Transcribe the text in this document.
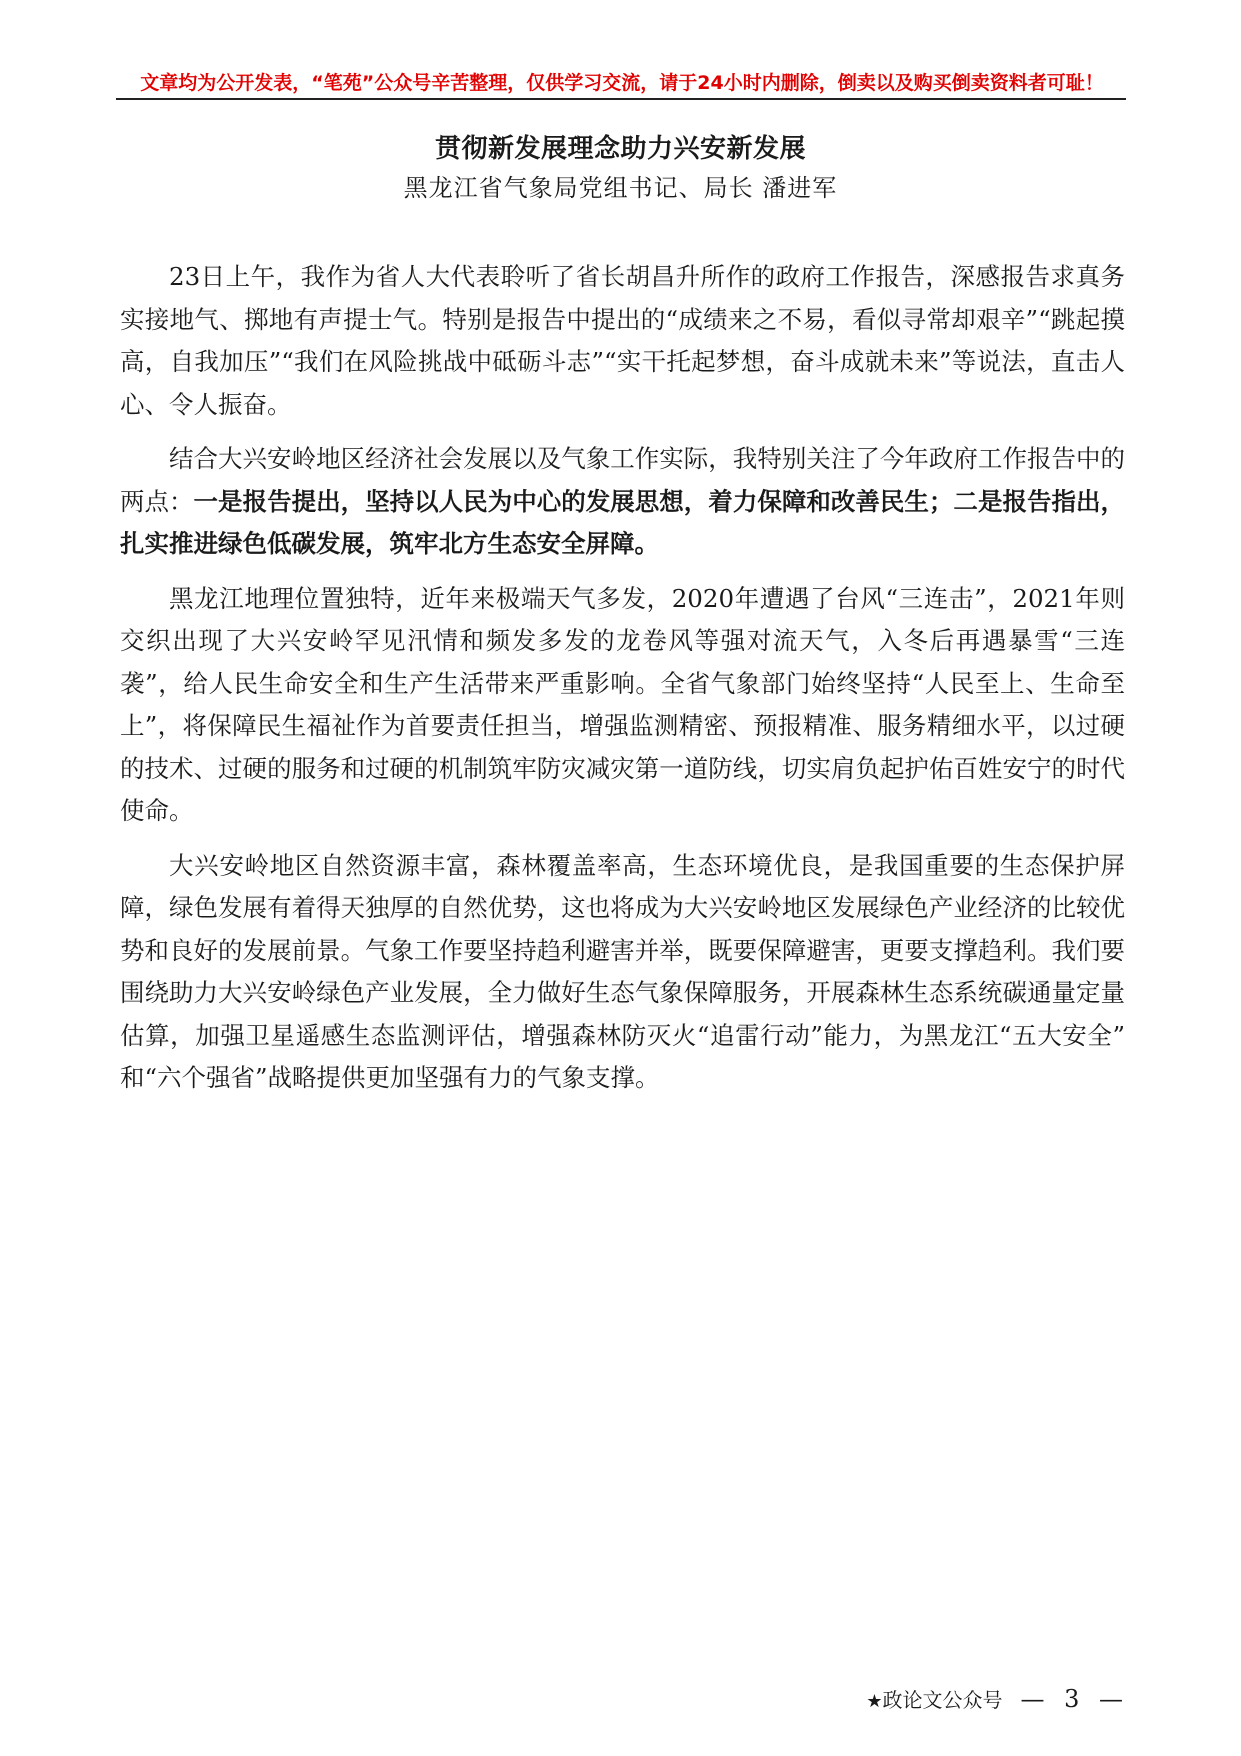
文章均为公开发表，“笔苑”公众号辛苦整理，仅供学习交流，请于24小时内删除，倒卖以及购买倒卖资料者可耻！
贯彻新发展理念助力兴安新发展
黑龙江省气象局党组书记、局长 潘进军

23日上午，我作为省人大代表聆听了省长胡昌升所作的政府工作报告，深感报告求真务实接地气、掷地有声提士气。特别是报告中提出的“成绩来之不易，看似寻常却艰辛”“跳起摸高，自我加压”“我们在风险挑战中砥砺斗志”“实干托起梦想，奋斗成就未来”等说法，直击人心、令人振奋。

结合大兴安岭地区经济社会发展以及气象工作实际，我特别关注了今年政府工作报告中的两点：一是报告提出，坚持以人民为中心的发展思想，着力保障和改善民生；二是报告指出，扎实推进绿色低碳发展，筑牢北方生态安全屏障。

黑龙江地理位置独特，近年来极端天气多发，2020年遭遇了台风“三连击”，2021年则交织出现了大兴安岭罕见汛情和频发多发的龙卷风等强对流天气，入冬后再遇暴雪“三连袭”，给人民生命安全和生产生活带来严重影响。全省气象部门始终坚持“人民至上、生命至上”，将保障民生福祉作为首要责任担当，增强监测精密、预报精准、服务精细水平，以过硬的技术、过硬的服务和过硬的机制筑牢防灾减灾第一道防线，切实肩负起护佑百姓安宁的时代使命。

大兴安岭地区自然资源丰富，森林覆盖率高，生态环境优良，是我国重要的生态保护屏障，绿色发展有着得天独厚的自然优势，这也将成为大兴安岭地区发展绿色产业经济的比较优势和良好的发展前景。气象工作要坚持趋利避害并举，既要保障避害，更要支撑趋利。我们要围绕助力大兴安岭绿色产业发展，全力做好生态气象保障服务，开展森林生态系统碳通量定量估算，加强卫星遥感生态监测评估，增强森林防灭火“追雷行动”能力，为黑龙江“五大安全” 和“六个强省”战略提供更加坚强有力的气象支撑。

★政论文公众号 — 3 —
